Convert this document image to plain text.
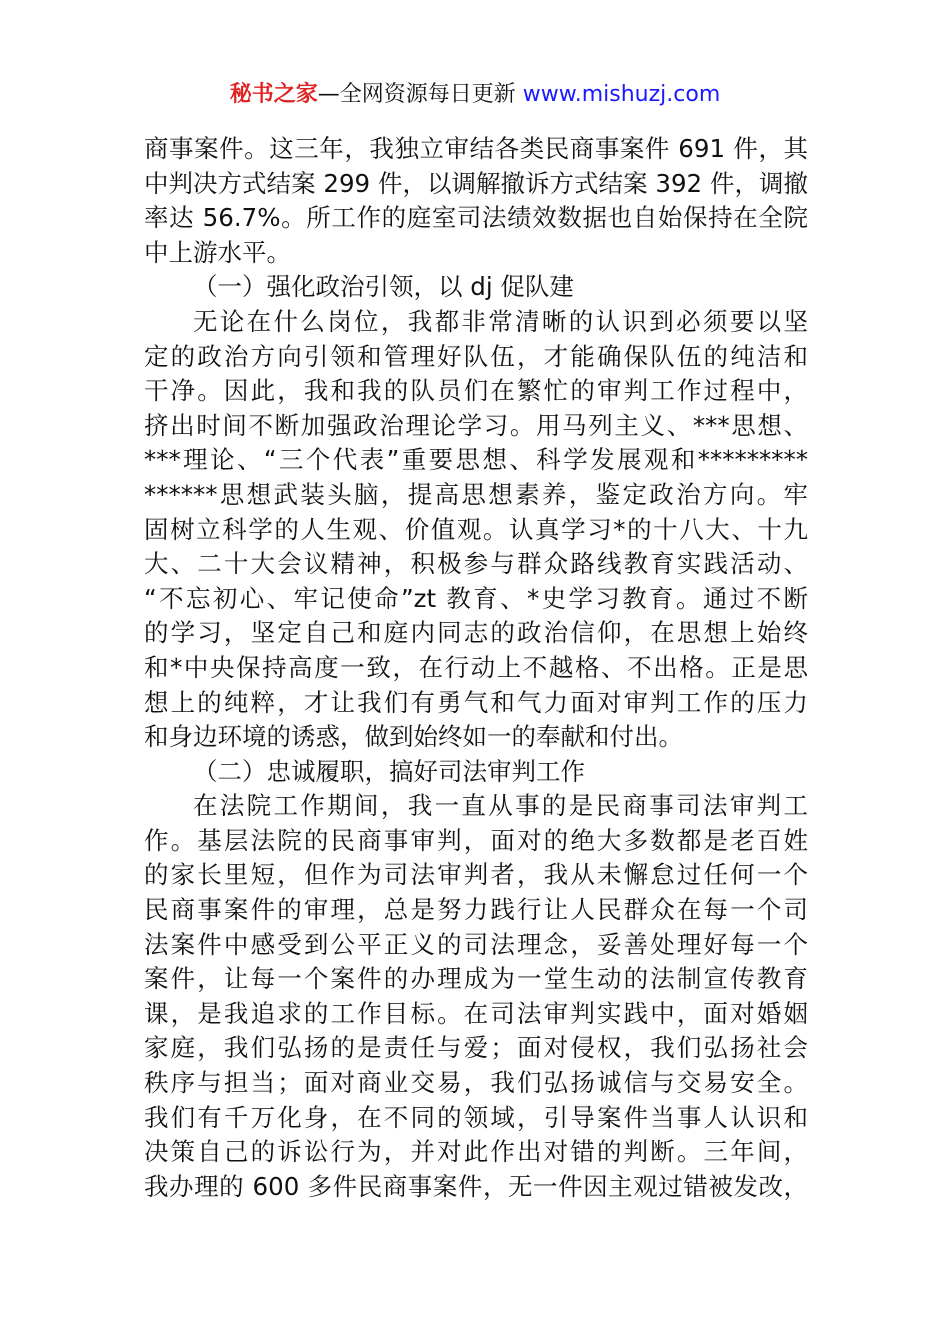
秘书之家—全网资源每日更新 www.mishuzj.com
商事案件。这三年，我独立审结各类民商事案件 691 件，其
中判决方式结案 299 件，以调解撤诉方式结案 392 件，调撤
率达 56.7%。所工作的庭室司法绩效数据也自始保持在全院
中上游水平。
（一）强化政治引领，以 dj 促队建
无论在什么岗位，我都非常清晰的认识到必须要以坚
定的政治方向引领和管理好队伍，才能确保队伍的纯洁和
干净。因此，我和我的队员们在繁忙的审判工作过程中，
挤出时间不断加强政治理论学习。用马列主义、***思想、
***理论、“三个代表”重要思想、科学发展观和*********
******思想武装头脑，提高思想素养，鉴定政治方向。牢
固树立科学的人生观、价值观。认真学习*的十八大、十九
大、二十大会议精神，积极参与群众路线教育实践活动、
“不忘初心、牢记使命”zt 教育、*史学习教育。通过不断
的学习，坚定自己和庭内同志的政治信仰，在思想上始终
和*中央保持高度一致，在行动上不越格、不出格。正是思
想上的纯粹，才让我们有勇气和气力面对审判工作的压力
和身边环境的诱惑，做到始终如一的奉献和付出。
（二）忠诚履职，搞好司法审判工作
在法院工作期间，我一直从事的是民商事司法审判工
作。基层法院的民商事审判，面对的绝大多数都是老百姓
的家长里短，但作为司法审判者，我从未懈怠过任何一个
民商事案件的审理，总是努力践行让人民群众在每一个司
法案件中感受到公平正义的司法理念，妥善处理好每一个
案件，让每一个案件的办理成为一堂生动的法制宣传教育
课，是我追求的工作目标。在司法审判实践中，面对婚姻
家庭，我们弘扬的是责任与爱；面对侵权，我们弘扬社会
秩序与担当；面对商业交易，我们弘扬诚信与交易安全。
我们有千万化身，在不同的领域，引导案件当事人认识和
决策自己的诉讼行为，并对此作出对错的判断。三年间，
我办理的 600 多件民商事案件，无一件因主观过错被发改，
